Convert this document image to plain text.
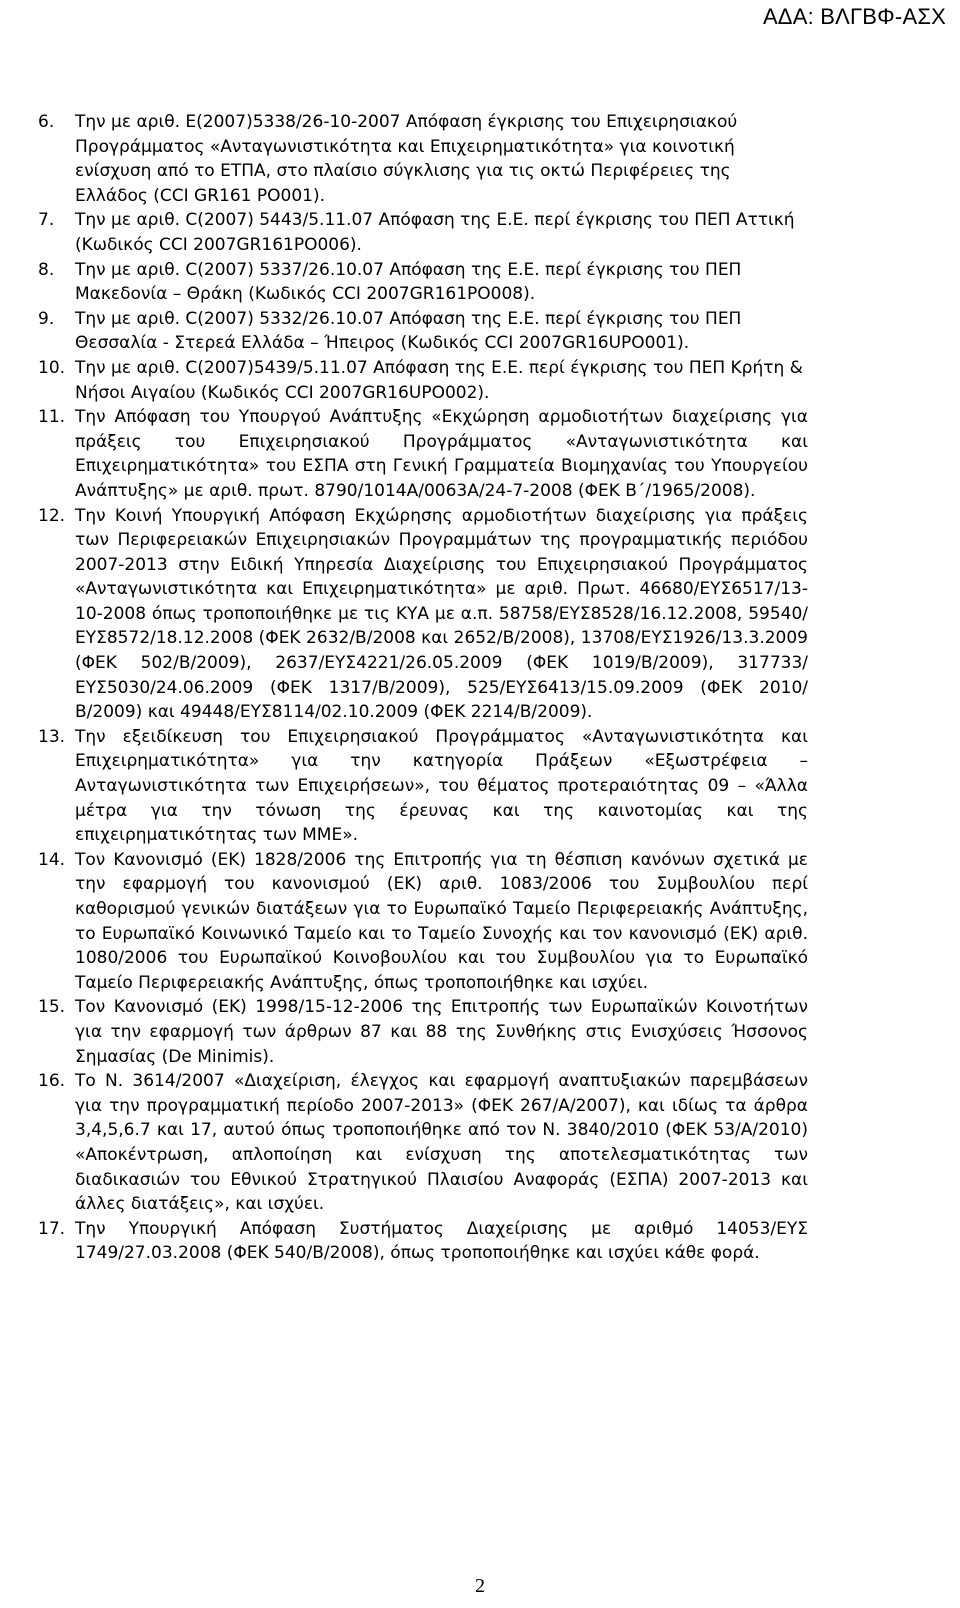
ΑΔΑ: ΒΛΓΒΦ-ΑΣΧ
6. Την με αριθ. Ε(2007)5338/26-10-2007 Απόφαση έγκρισης του Επιχειρησιακού Προγράμματος «Ανταγωνιστικότητα και Επιχειρηματικότητα» για κοινοτική ενίσχυση από το ΕΤΠΑ, στο πλαίσιο σύγκλισης για τις οκτώ Περιφέρειες της Ελλάδος (CCI GR161 PO001).
7. Την με αριθ. C(2007) 5443/5.11.07 Απόφαση της Ε.Ε. περί έγκρισης του ΠΕΠ Αττική (Κωδικός CCI 2007GR161PO006).
8. Την με αριθ. C(2007) 5337/26.10.07 Απόφαση της Ε.Ε. περί έγκρισης του ΠΕΠ Μακεδονία – Θράκη (Κωδικός CCI 2007GR161PO008).
9. Την με αριθ. C(2007) 5332/26.10.07 Απόφαση της Ε.Ε. περί έγκρισης του ΠΕΠ Θεσσαλία - Στερεά Ελλάδα – Ήπειρος (Κωδικός CCI 2007GR16UPO001).
10. Την με αριθ. C(2007)5439/5.11.07 Απόφαση της Ε.Ε. περί έγκρισης του ΠΕΠ Κρήτη & Νήσοι Αιγαίου (Κωδικός CCI 2007GR16UPO002).
11. Την Απόφαση του Υπουργού Ανάπτυξης «Εκχώρηση αρμοδιοτήτων διαχείρισης για πράξεις του Επιχειρησιακού Προγράμματος «Ανταγωνιστικότητα και Επιχειρηματικότητα» του ΕΣΠΑ στη Γενική Γραμματεία Βιομηχανίας του Υπουργείου Ανάπτυξης» με αριθ. πρωτ. 8790/1014Α/0063Α/24-7-2008 (ΦΕΚ Β΄/1965/2008).
12. Την Κοινή Υπουργική Απόφαση Εκχώρησης αρμοδιοτήτων διαχείρισης για πράξεις των Περιφερειακών Επιχειρησιακών Προγραμμάτων της προγραμματικής περιόδου 2007-2013 στην Ειδική Υπηρεσία Διαχείρισης του Επιχειρησιακού Προγράμματος «Ανταγωνιστικότητα και Επιχειρηματικότητα» με αριθ. Πρωτ. 46680/ΕΥΣ6517/13-10-2008 όπως τροποποιήθηκε με τις ΚΥΑ με α.π. 58758/ΕΥΣ8528/16.12.2008, 59540/ΕΥΣ8572/18.12.2008 (ΦΕΚ 2632/Β/2008 και 2652/Β/2008), 13708/ΕΥΣ1926/13.3.2009 (ΦΕΚ 502/Β/2009), 2637/ΕΥΣ4221/26.05.2009 (ΦΕΚ 1019/Β/2009), 317733/ΕΥΣ5030/24.06.2009 (ΦΕΚ 1317/Β/2009), 525/ΕΥΣ6413/15.09.2009 (ΦΕΚ 2010/Β/2009) και 49448/ΕΥΣ8114/02.10.2009 (ΦΕΚ 2214/Β/2009).
13. Την εξειδίκευση του Επιχειρησιακού Προγράμματος «Ανταγωνιστικότητα και Επιχειρηματικότητα» για την κατηγορία Πράξεων «Εξωστρέφεια – Ανταγωνιστικότητα των Επιχειρήσεων», του θέματος προτεραιότητας 09 – «Άλλα μέτρα για την τόνωση της έρευνας και της καινοτομίας και της επιχειρηματικότητας των ΜΜΕ».
14. Τον Κανονισμό (ΕΚ) 1828/2006 της Επιτροπής για τη θέσπιση κανόνων σχετικά με την εφαρμογή του κανονισμού (ΕΚ) αριθ. 1083/2006 του Συμβουλίου περί καθορισμού γενικών διατάξεων για το Ευρωπαϊκό Ταμείο Περιφερειακής Ανάπτυξης, το Ευρωπαϊκό Κοινωνικό Ταμείο και το Ταμείο Συνοχής και τον κανονισμό (ΕΚ) αριθ. 1080/2006 του Ευρωπαϊκού Κοινοβουλίου και του Συμβουλίου για το Ευρωπαϊκό Ταμείο Περιφερειακής Ανάπτυξης, όπως τροποποιήθηκε και ισχύει.
15. Τον Κανονισμό (ΕΚ) 1998/15-12-2006 της Επιτροπής των Ευρωπαϊκών Κοινοτήτων για την εφαρμογή των άρθρων 87 και 88 της Συνθήκης στις Ενισχύσεις Ήσσονος Σημασίας (De Minimis).
16. Το Ν. 3614/2007 «Διαχείριση, έλεγχος και εφαρμογή αναπτυξιακών παρεμβάσεων για την προγραμματική περίοδο 2007-2013» (ΦΕΚ 267/Α/2007), και ιδίως τα άρθρα 3,4,5,6.7 και 17, αυτού όπως τροποποιήθηκε από τον Ν. 3840/2010 (ΦΕΚ 53/Α/2010) «Αποκέντρωση, απλοποίηση και ενίσχυση της αποτελεσματικότητας των διαδικασιών του Εθνικού Στρατηγικού Πλαισίου Αναφοράς (ΕΣΠΑ) 2007-2013 και άλλες διατάξεις», και ισχύει.
17. Την Υπουργική Απόφαση Συστήματος Διαχείρισης με αριθμό 14053/ΕΥΣ 1749/27.03.2008 (ΦΕΚ 540/Β/2008), όπως τροποποιήθηκε και ισχύει κάθε φορά.
2
